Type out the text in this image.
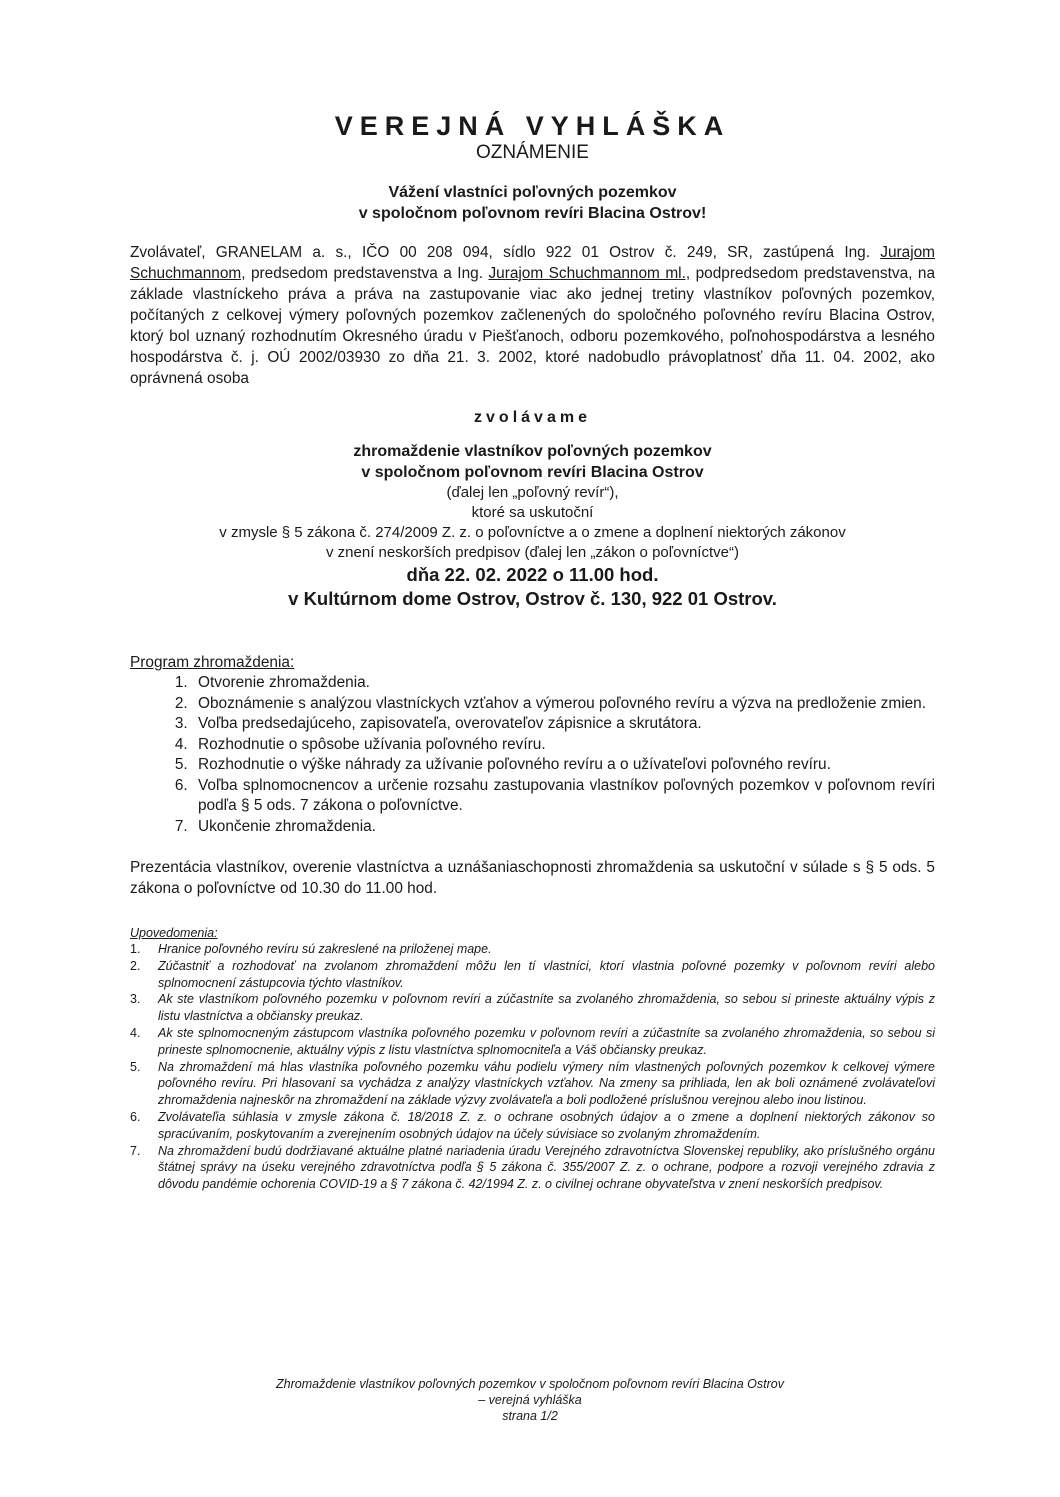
VEREJNÁ VYHLÁŠKA

OZNÁMENIE

Vážení vlastníci poľovných pozemkov
v spoločnom poľovnom revíri Blacina Ostrov!
Zvolávateľ, GRANELAM a. s., IČO 00 208 094, sídlo 922 01 Ostrov č. 249, SR, zastúpená Ing. Jurajom Schuchmannom, predsedom predstavenstva a Ing. Jurajom Schuchmannom ml., podpredsedom predstavenstva, na základe vlastníckeho práva a práva na zastupovanie viac ako jednej tretiny vlastníkov poľovných pozemkov, počítaných z celkovej výmery poľovných pozemkov začlenených do spoločného poľovného revíru Blacina Ostrov, ktorý bol uznaný rozhodnutím Okresného úradu v Piešťanoch, odboru pozemkového, poľnohospodárstva a lesného hospodárstva č. j. OÚ 2002/03930 zo dňa 21. 3. 2002, ktoré nadobudlo právoplatnosť dňa 11. 04. 2002, ako oprávnená osoba
zvolávame
zhromaždenie vlastníkov poľovných pozemkov
v spoločnom poľovnom revíri Blacina Ostrov
(ďalej len „poľovný revír“),
ktoré sa uskutoční
v zmysle § 5 zákona č. 274/2009 Z. z. o poľovníctve a o zmene a doplnení niektorých zákonov
v znení neskorších predpisov (ďalej len „zákon o poľovníctve“)
dňa 22. 02. 2022 o 11.00 hod.
v Kultúrnom dome Ostrov, Ostrov č. 130, 922 01 Ostrov.
Program zhromaždenia:
1. Otvorenie zhromaždenia.
2. Oboznámenie s analýzou vlastníckych vzťahov a výmerou poľovného revíru a výzva na predloženie zmien.
3. Voľba predsedajúceho, zapisovateľa, overovateľov zápisnice a skrutátora.
4. Rozhodnutie o spôsobe užívania poľovného revíru.
5. Rozhodnutie o výške náhrady za užívanie poľovného revíru a o užívateľovi poľovného revíru.
6. Voľba splnomocnencov a určenie rozsahu zastupovania vlastníkov poľovných pozemkov v poľovnom revíri podľa § 5 ods. 7 zákona o poľovníctve.
7. Ukončenie zhromaždenia.
Prezentácia vlastníkov, overenie vlastníctva a uznášaniaschopnosti zhromaždenia sa uskutoční v súlade s § 5 ods. 5 zákona o poľovníctve od 10.30 do 11.00 hod.
Upovedomenia:
1.	Hranice poľovného revíru sú zakreslené na priloženej mape.
2.	Zúčastniť a rozhodovať na zvolanom zhromaždení môžu len tí vlastníci, ktorí vlastnia poľovné pozemky v poľovnom revíri alebo splnomocnení zástupcovia týchto vlastníkov.
3.	Ak ste vlastníkom poľovného pozemku v poľovnom revíri a zúčastníte sa zvolaného zhromaždenia, so sebou si prineste aktuálny výpis z listu vlastníctva a občiansky preukaz.
4.	Ak ste splnomocneným zástupcom vlastníka poľovného pozemku v poľovnom revíri a zúčastníte sa zvolaného zhromaždenia, so sebou si prineste splnomocnenie, aktuálny výpis z listu vlastníctva splnomocniteľa a Váš občiansky preukaz.
5.	Na zhromaždení má hlas vlastníka poľovného pozemku váhu podielu výmery ním vlastnených poľovných pozemkov k celkovej výmere poľovného revíru. Pri hlasovaní sa vychádza z analýzy vlastníckych vzťahov. Na zmeny sa prihliada, len ak boli oznámené zvolávateľovi zhromaždenia najneskôr na zhromaždení na základe výzvy zvolávateľa a boli podložené príslušnou verejnou alebo inou listinou.
6.	Zvolávateľia súhlasia v zmysle zákona č. 18/2018 Z. z. o ochrane osobných údajov a o zmene a doplnení niektorých zákonov so spracúvaním, poskytovaním a zverejnením osobných údajov na účely súvisiace so zvolaným zhromaždením.
7.	Na zhromaždení budú dodržiavané aktuálne platné nariadenia úradu Verejného zdravotníctva Slovenskej republiky, ako príslušného orgánu štátnej správy na úseku verejného zdravotníctva podľa § 5 zákona č. 355/2007 Z. z. o ochrane, podpore a rozvoji verejného zdravia z dôvodu pandémie ochorenia COVID-19 a § 7 zákona č. 42/1994 Z. z. o civilnej ochrane obyvateľstva v znení neskorších predpisov.
Zhromaždenie vlastníkov poľovných pozemkov v spoločnom poľovnom revíri Blacina Ostrov
– verejná vyhláška
strana 1/2
